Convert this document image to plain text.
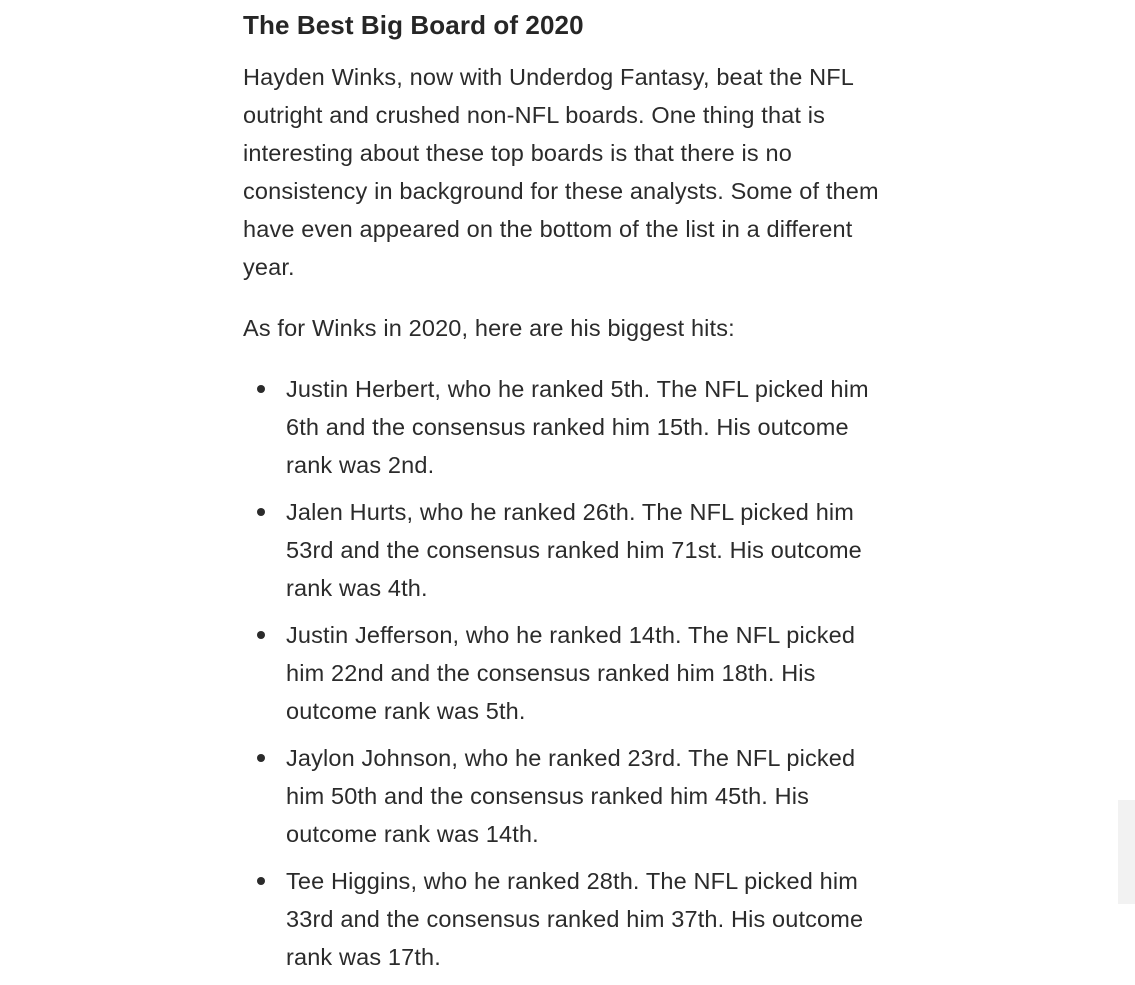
The Best Big Board of 2020

Hayden Winks, now with Underdog Fantasy, beat the NFL outright and crushed non-NFL boards. One thing that is interesting about these top boards is that there is no consistency in background for these analysts. Some of them have even appeared on the bottom of the list in a different year.

As for Winks in 2020, here are his biggest hits:

Justin Herbert, who he ranked 5th. The NFL picked him 6th and the consensus ranked him 15th. His outcome rank was 2nd.
Jalen Hurts, who he ranked 26th. The NFL picked him 53rd and the consensus ranked him 71st. His outcome rank was 4th.
Justin Jefferson, who he ranked 14th. The NFL picked him 22nd and the consensus ranked him 18th. His outcome rank was 5th.
Jaylon Johnson, who he ranked 23rd. The NFL picked him 50th and the consensus ranked him 45th. His outcome rank was 14th.
Tee Higgins, who he ranked 28th. The NFL picked him 33rd and the consensus ranked him 37th. His outcome rank was 17th.
